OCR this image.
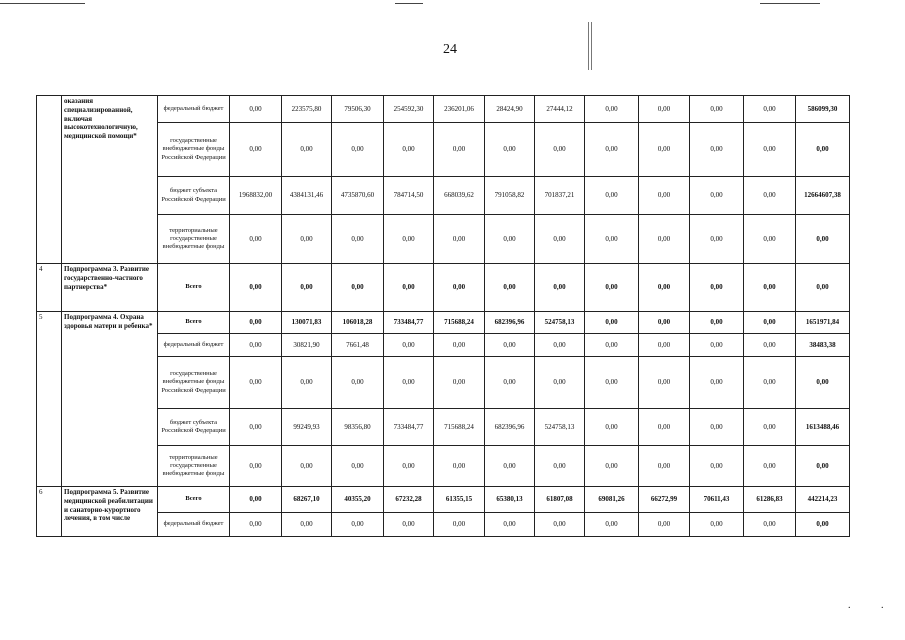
24
	оказания специализированной, включая высокотехнологичную, медицинской помощи*	федеральный бюджет	0,00	223575,80	79506,30	254592,30	236201,06	28424,90	27444,12	0,00	0,00	0,00	0,00	586099,30
		государственные внебюджетные фонды Российской Федерации	0,00	0,00	0,00	0,00	0,00	0,00	0,00	0,00	0,00	0,00	0,00	0,00
		бюджет субъекта Российской Федерации	1968832,00	4384131,46	4735870,60	784714,50	668039,62	791058,82	701837,21	0,00	0,00	0,00	0,00	12664607,38
		территориальные государственные внебюджетные фонды	0,00	0,00	0,00	0,00	0,00	0,00	0,00	0,00	0,00	0,00	0,00	0,00
4	Подпрограмма 3. Развитие государственно-частного партнерства*	Всего	0,00	0,00	0,00	0,00	0,00	0,00	0,00	0,00	0,00	0,00	0,00	0,00
5	Подпрограмма 4. Охрана здоровья матери и ребенка*	Всего	0,00	130071,83	106018,28	733484,77	715688,24	682396,96	524758,13	0,00	0,00	0,00	0,00	1651971,84
		федеральный бюджет	0,00	30821,90	7661,48	0,00	0,00	0,00	0,00	0,00	0,00	0,00	0,00	38483,38
		государственные внебюджетные фонды Российской Федерации	0,00	0,00	0,00	0,00	0,00	0,00	0,00	0,00	0,00	0,00	0,00	0,00
		бюджет субъекта Российской Федерации	0,00	99249,93	98356,80	733484,77	715688,24	682396,96	524758,13	0,00	0,00	0,00	0,00	1613488,46
		территориальные государственные внебюджетные фонды	0,00	0,00	0,00	0,00	0,00	0,00	0,00	0,00	0,00	0,00	0,00	0,00
6	Подпрограмма 5. Развитие медицинской реабилитации и санаторно-курортного лечения, в том числе	Всего	0,00	68267,10	40355,20	67232,28	61355,15	65380,13	61807,08	69081,26	66272,99	70611,43	61286,83	442214,23
		федеральный бюджет	0,00	0,00	0,00	0,00	0,00	0,00	0,00	0,00	0,00	0,00	0,00	0,00
. .
